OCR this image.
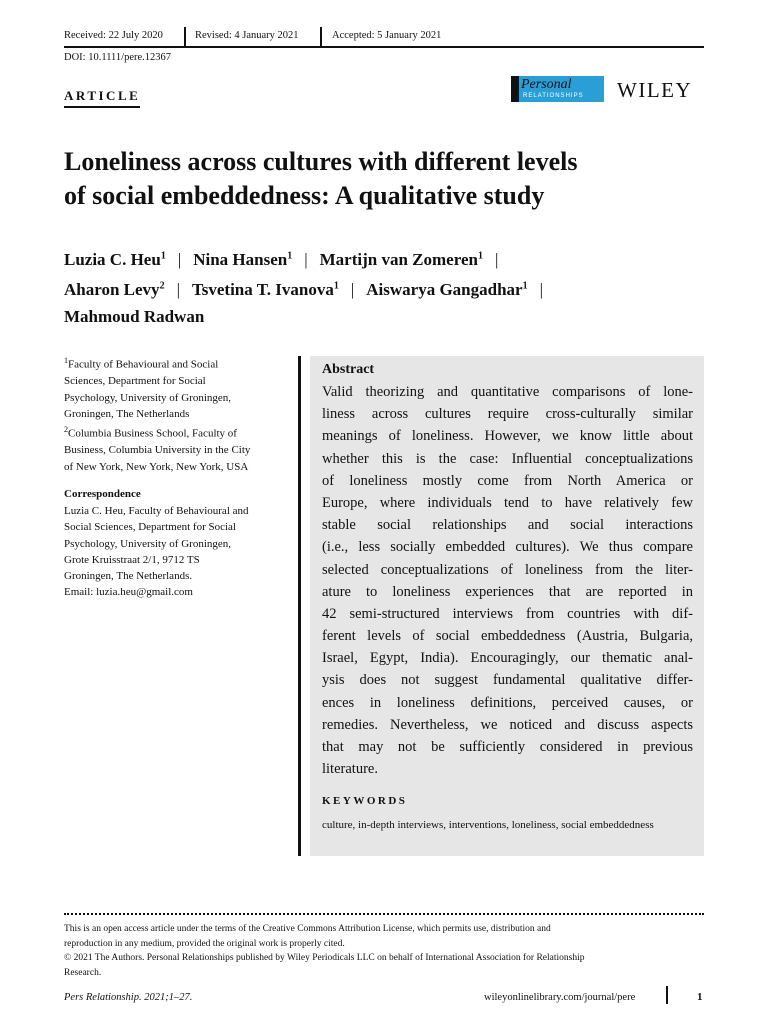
Received: 22 July 2020	Revised: 4 January 2021	Accepted: 5 January 2021
DOI: 10.1111/pere.12367
ARTICLE
Personal
RELATIONSHIPS WILEY
Loneliness across cultures with different levels
of social embeddedness: A qualitative study
Luzia C. Heu$^1$ | Nina Hansen$^1$ | Martijn van Zomeren$^1$ |
Aharon Levy$^2$ | Tsvetina T. Ivanova$^1$ | Aiswarya Gangadhar$^1$ |
Mahmoud Radwan
$^1$Faculty of Behavioural and Social
Sciences, Department for Social
Psychology, University of Groningen,
Groningen, The Netherlands
$^2$Columbia Business School, Faculty of
Business, Columbia University in the City
of New York, New York, New York, USA
Correspondence
Luzia C. Heu, Faculty of Behavioural and
Social Sciences, Department for Social
Psychology, University of Groningen,
Grote Kruisstraat 2/1, 9712 TS
Groningen, The Netherlands.
Email: luzia.heu@gmail.com
Abstract
Valid theorizing and quantitative comparisons of lone-
liness across cultures require cross-culturally similar
meanings of loneliness. However, we know little about
whether this is the case: Influential conceptualizations
of loneliness mostly come from North America or
Europe, where individuals tend to have relatively few
stable social relationships and social interactions
(i.e., less socially embedded cultures). We thus compare
selected conceptualizations of loneliness from the liter-
ature to loneliness experiences that are reported in
42 semi-structured interviews from countries with dif-
ferent levels of social embeddedness (Austria, Bulgaria,
Israel, Egypt, India). Encouragingly, our thematic anal-
ysis does not suggest fundamental qualitative differ-
ences in loneliness definitions, perceived causes, or
remedies. Nevertheless, we noticed and discuss aspects
that may not be sufficiently considered in previous
literature.
KEYWORDS
culture, in-depth interviews, interventions, loneliness, social embeddedness
This is an open access article under the terms of the Creative Commons Attribution License, which permits use, distribution and
reproduction in any medium, provided the original work is properly cited.
© 2021 The Authors. Personal Relationships published by Wiley Periodicals LLC on behalf of International Association for Relationship
Research.
Pers Relationship. 2021;1–27.	wileyonlinelibrary.com/journal/pere	1
